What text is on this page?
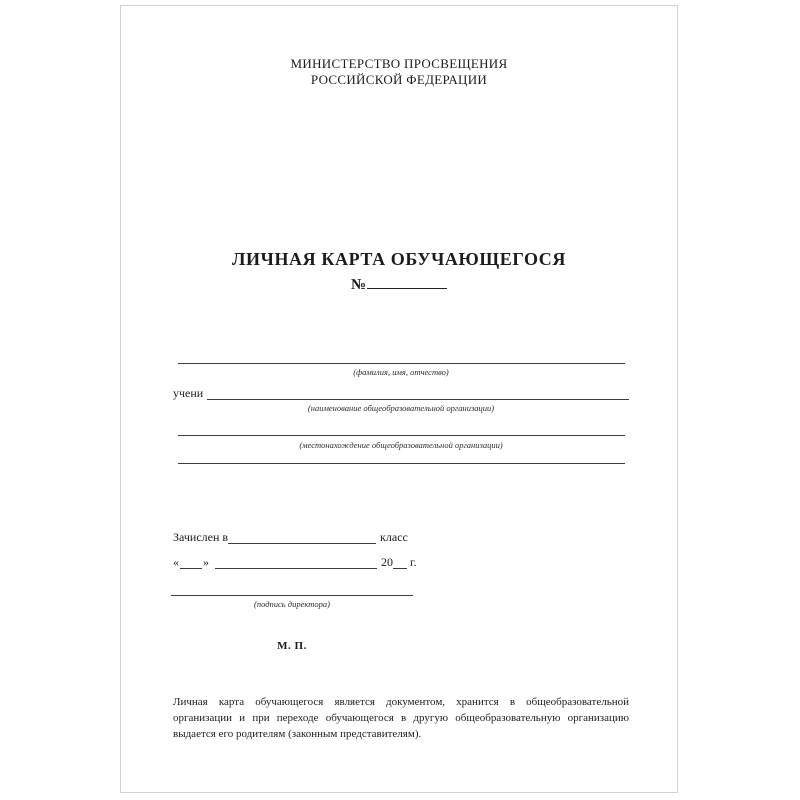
МИНИСТЕРСТВО ПРОСВЕЩЕНИЯ
РОССИЙСКОЙ ФЕДЕРАЦИИ
ЛИЧНАЯ КАРТА ОБУЧАЮЩЕГОСЯ
№
(фамилия, имя, отчество)
учени
(наименование общеобразовательной организации)
(местонахождение общеобразовательной организации)
Зачислен в	класс
« »	20 г.
(подпись директора)
М. П.
Личная карта обучающегося является документом, хранится в общеобразовательной организации и при переходе обучающегося в другую общеобразовательную организацию выдается его родителям (законным представителям).
